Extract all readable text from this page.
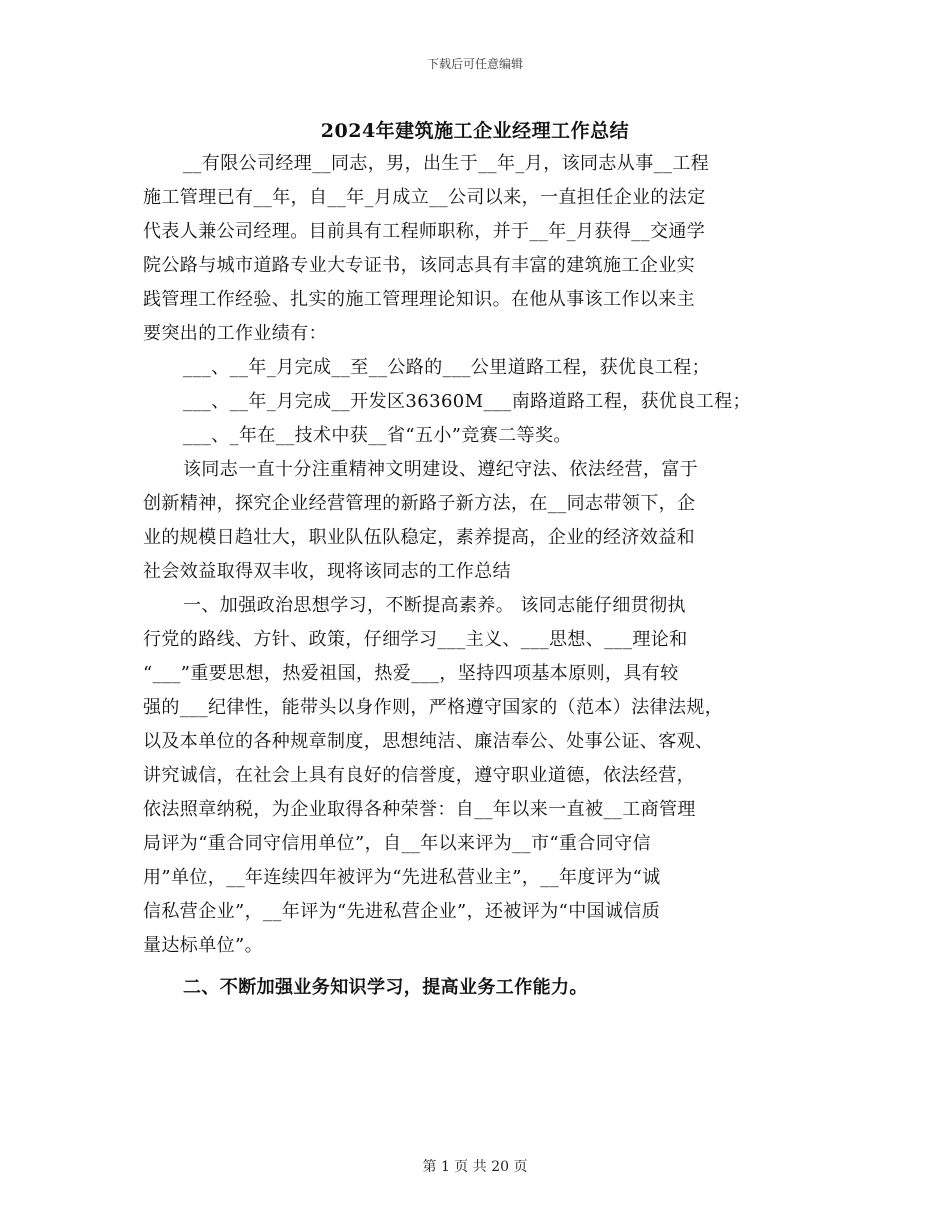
下载后可任意编辑
2024年建筑施工企业经理工作总结
__有限公司经理__同志，男，出生于__年_月，该同志从事__工程
施工管理已有__年，自__年_月成立__公司以来，一直担任企业的法定
代表人兼公司经理。目前具有工程师职称，并于__年_月获得__交通学
院公路与城市道路专业大专证书，该同志具有丰富的建筑施工企业实
践管理工作经验、扎实的施工管理理论知识。在他从事该工作以来主
要突出的工作业绩有：
___、__年_月完成__至__公路的___公里道路工程，获优良工程；
___、__年_月完成__开发区36360M___南路道路工程，获优良工程；
___、_年在__技术中获__省“五小”竞赛二等奖。
该同志一直十分注重精神文明建设、遵纪守法、依法经营，富于
创新精神，探究企业经营管理的新路子新方法，在__同志带领下，企
业的规模日趋壮大，职业队伍队稳定，素养提高，企业的经济效益和
社会效益取得双丰收，现将该同志的工作总结
一、加强政治思想学习，不断提高素养。 该同志能仔细贯彻执
行党的路线、方针、政策，仔细学习___主义、___思想、___理论和
“___”重要思想，热爱祖国，热爱___，坚持四项基本原则，具有较
强的___纪律性，能带头以身作则，严格遵守国家的（范本）法律法规，
以及本单位的各种规章制度，思想纯洁、廉洁奉公、处事公证、客观、
讲究诚信，在社会上具有良好的信誉度，遵守职业道德，依法经营，
依法照章纳税，为企业取得各种荣誉：自__年以来一直被__工商管理
局评为“重合同守信用单位”，自__年以来评为__市“重合同守信
用”单位，__年连续四年被评为“先进私营业主”，__年度评为“诚
信私营企业”，__年评为“先进私营企业”，还被评为“中国诚信质
量达标单位”。
二、不断加强业务知识学习，提高业务工作能力。
第 1 页 共 20 页
